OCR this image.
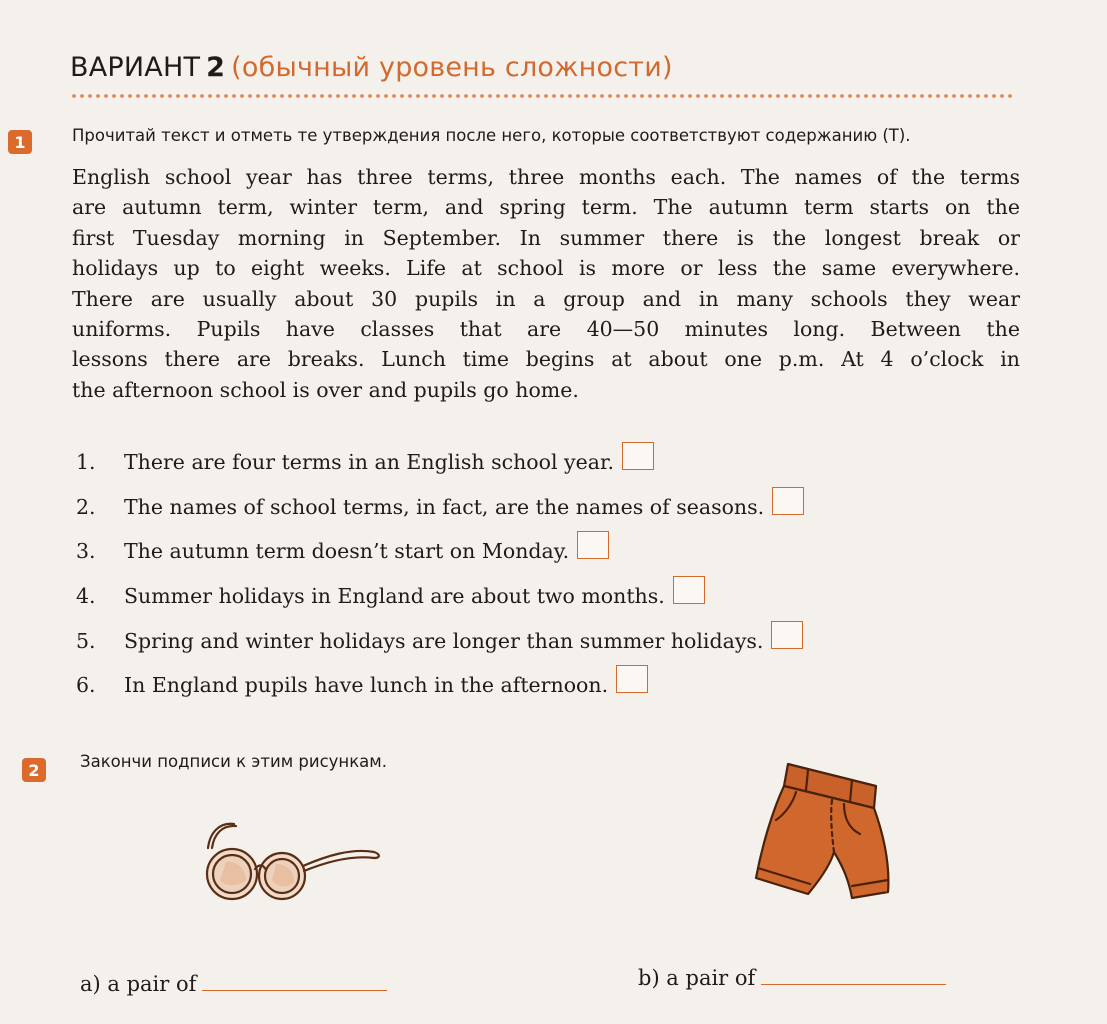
ВАРИАНТ 2 (обычный уровень сложности)
1	Прочитай текст и отметь те утверждения после него, которые соответствуют содержанию (Т).
English school year has three terms, three months each. The names of the terms
are autumn term, winter term, and spring term. The autumn term starts on the
first Tuesday morning in September. In summer there is the longest break or
holidays up to eight weeks. Life at school is more or less the same everywhere.
There are usually about 30 pupils in a group and in many schools they wear
uniforms. Pupils have classes that are 40—50 minutes long. Between the
lessons there are breaks. Lunch time begins at about one p.m. At 4 o’clock in
the afternoon school is over and pupils go home.
1.	There are four terms in an English school year.
2.	The names of school terms, in fact, are the names of seasons.
3.	The autumn term doesn’t start on Monday.
4.	Summer holidays in England are about two months.
5.	Spring and winter holidays are longer than summer holidays.
6.	In England pupils have lunch in the afternoon.
2	Закончи подписи к этим рисункам.
a) a pair of	b) a pair of
